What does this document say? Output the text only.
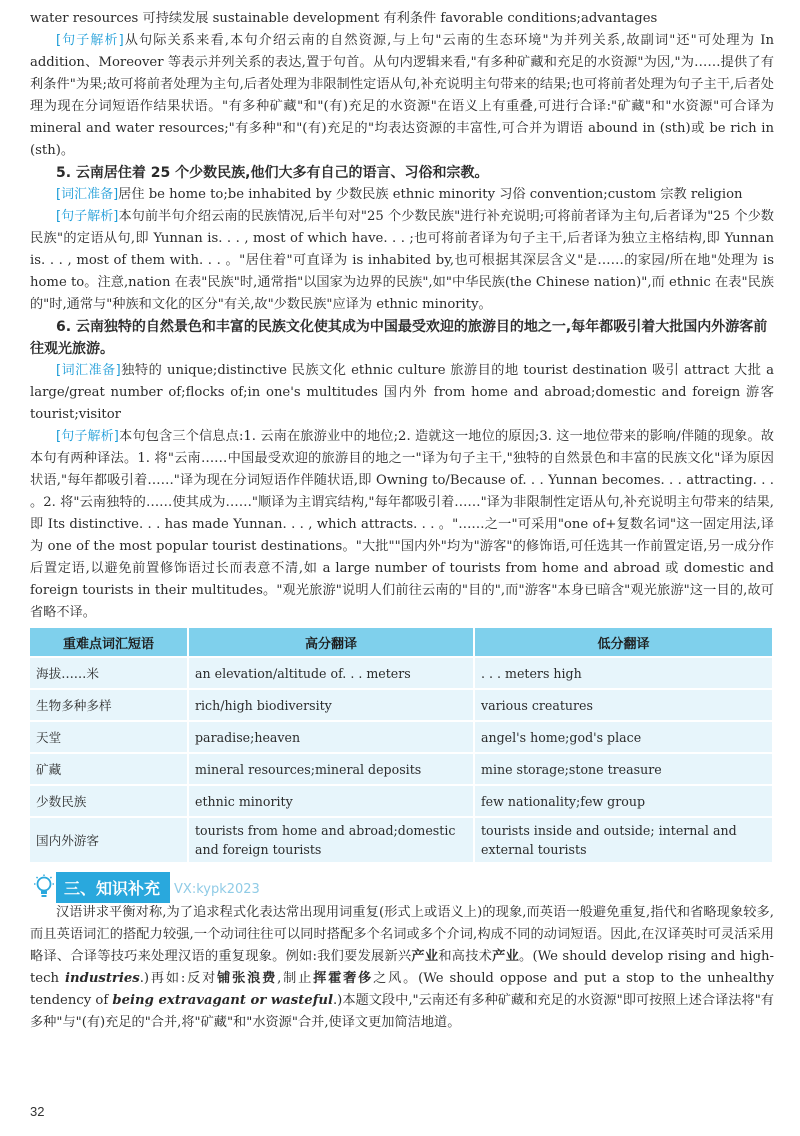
water resources 可持续发展 sustainable development 有利条件 favorable conditions;advantages

[句子解析]从句际关系来看,本句介绍云南的自然资源,与上句"云南的生态环境"为并列关系,故副词"还"可处理为 In addition、Moreover 等表示并列关系的表达,置于句首。从句内逻辑来看,"有多种矿藏和充足的水资源"为因,"为……提供了有利条件"为果;故可将前者处理为主句,后者处理为非限制性定语从句,补充说明主句带来的结果;也可将前者处理为句子主干,后者处理为现在分词短语作结果状语。"有多种矿藏"和"(有)充足的水资源"在语义上有重叠,可进行合译:"矿藏"和"水资源"可合译为 mineral and water resources;"有多种"和"(有)充足的"均表达资源的丰富性,可合并为谓语 abound in (sth)或 be rich in (sth)。

5. 云南居住着 25 个少数民族,他们大多有自己的语言、习俗和宗教。

[词汇准备]居住 be home to;be inhabited by 少数民族 ethnic minority 习俗 convention;custom 宗教 religion

[句子解析]本句前半句介绍云南的民族情况,后半句对"25 个少数民族"进行补充说明;可将前者译为主句,后者译为"25 个少数民族"的定语从句,即 Yunnan is. . . , most of which have. . . ;也可将前者译为句子主干,后者译为独立主格结构,即 Yunnan is. . . , most of them with. . . 。"居住着"可直译为 is inhabited by,也可根据其深层含义"是……的家园/所在地"处理为 is home to。注意,nation 在表"民族"时,通常指"以国家为边界的民族",如"中华民族(the Chinese nation)",而 ethnic 在表"民族的"时,通常与"种族和文化的区分"有关,故"少数民族"应译为 ethnic minority。

6. 云南独特的自然景色和丰富的民族文化使其成为中国最受欢迎的旅游目的地之一,每年都吸引着大批国内外游客前往观光旅游。

[词汇准备]独特的 unique;distinctive 民族文化 ethnic culture 旅游目的地 tourist destination 吸引 attract 大批 a large/great number of;flocks of;in one's multitudes 国内外 from home and abroad;domestic and foreign 游客 tourist;visitor

[句子解析]本句包含三个信息点:1. 云南在旅游业中的地位;2. 造就这一地位的原因;3. 这一地位带来的影响/伴随的现象。故本句有两种译法。1. 将"云南……中国最受欢迎的旅游目的地之一"译为句子主干,"独特的自然景色和丰富的民族文化"译为原因状语,"每年都吸引着……"译为现在分词短语作伴随状语,即 Owning to/Because of. . . Yunnan becomes. . . attracting. . . 。2. 将"云南独特的……使其成为……"顺译为主谓宾结构,"每年都吸引着……"译为非限制性定语从句,补充说明主句带来的结果,即 Its distinctive. . . has made Yunnan. . . , which attracts. . . 。"……之一"可采用"one of+复数名词"这一固定用法,译为 one of the most popular tourist destinations。"大批""国内外"均为"游客"的修饰语,可任选其一作前置定语,另一成分作后置定语,以避免前置修饰语过长而表意不清,如 a large number of tourists from home and abroad 或 domestic and foreign tourists in their multitudes。"观光旅游"说明人们前往云南的"目的",而"游客"本身已暗含"观光旅游"这一目的,故可省略不译。

重难点词汇短语	高分翻译	低分翻译
海拔……米	an elevation/altitude of. . . meters	. . . meters high
生物多种多样	rich/high biodiversity	various creatures
天堂	paradise;heaven	angel's home;god's place
矿藏	mineral resources;mineral deposits	mine storage;stone treasure
少数民族	ethnic minority	few nationality;few group
国内外游客	tourists from home and abroad;domestic and foreign tourists	tourists inside and outside; internal and external tourists
三、知识补充 VX:kypk2023

汉语讲求平衡对称,为了追求程式化表达常出现用词重复(形式上或语义上)的现象,而英语一般避免重复,指代和省略现象较多,而且英语词汇的搭配力较强,一个动词往往可以同时搭配多个名词或多个介词,构成不同的动词短语。因此,在汉译英时可灵活采用略译、合译等技巧来处理汉语的重复现象。例如:我们要发展新兴产业和高技术产业。(We should develop rising and high-tech industries.)再如:反对铺张浪费,制止挥霍奢侈之风。(We should oppose and put a stop to the unhealthy tendency of being extravagant or wasteful.)本题文段中,"云南还有多种矿藏和充足的水资源"即可按照上述合译法将"有多种"与"(有)充足的"合并,将"矿藏"和"水资源"合并,使译文更加简洁地道。

32
